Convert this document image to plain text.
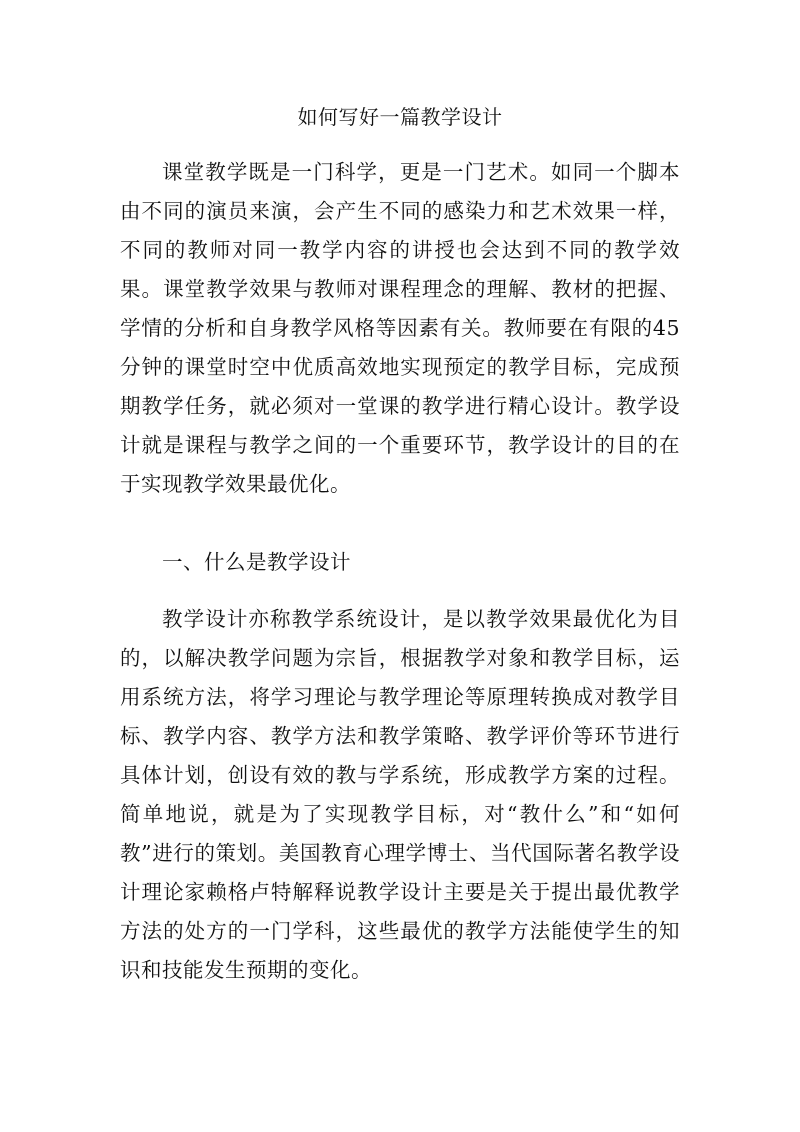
如何写好一篇教学设计

课堂教学既是一门科学，更是一门艺术。如同一个脚本由不同的演员来演，会产生不同的感染力和艺术效果一样，不同的教师对同一教学内容的讲授也会达到不同的教学效果。课堂教学效果与教师对课程理念的理解、教材的把握、学情的分析和自身教学风格等因素有关。教师要在有限的45分钟的课堂时空中优质高效地实现预定的教学目标，完成预期教学任务，就必须对一堂课的教学进行精心设计。教学设计就是课程与教学之间的一个重要环节，教学设计的目的在于实现教学效果最优化。

一、什么是教学设计

教学设计亦称教学系统设计，是以教学效果最优化为目的，以解决教学问题为宗旨，根据教学对象和教学目标，运用系统方法，将学习理论与教学理论等原理转换成对教学目标、教学内容、教学方法和教学策略、教学评价等环节进行具体计划，创设有效的教与学系统，形成教学方案的过程。简单地说，就是为了实现教学目标，对“教什么”和“如何教”进行的策划。美国教育心理学博士、当代国际著名教学设计理论家赖格卢特解释说教学设计主要是关于提出最优教学方法的处方的一门学科，这些最优的教学方法能使学生的知识和技能发生预期的变化。
